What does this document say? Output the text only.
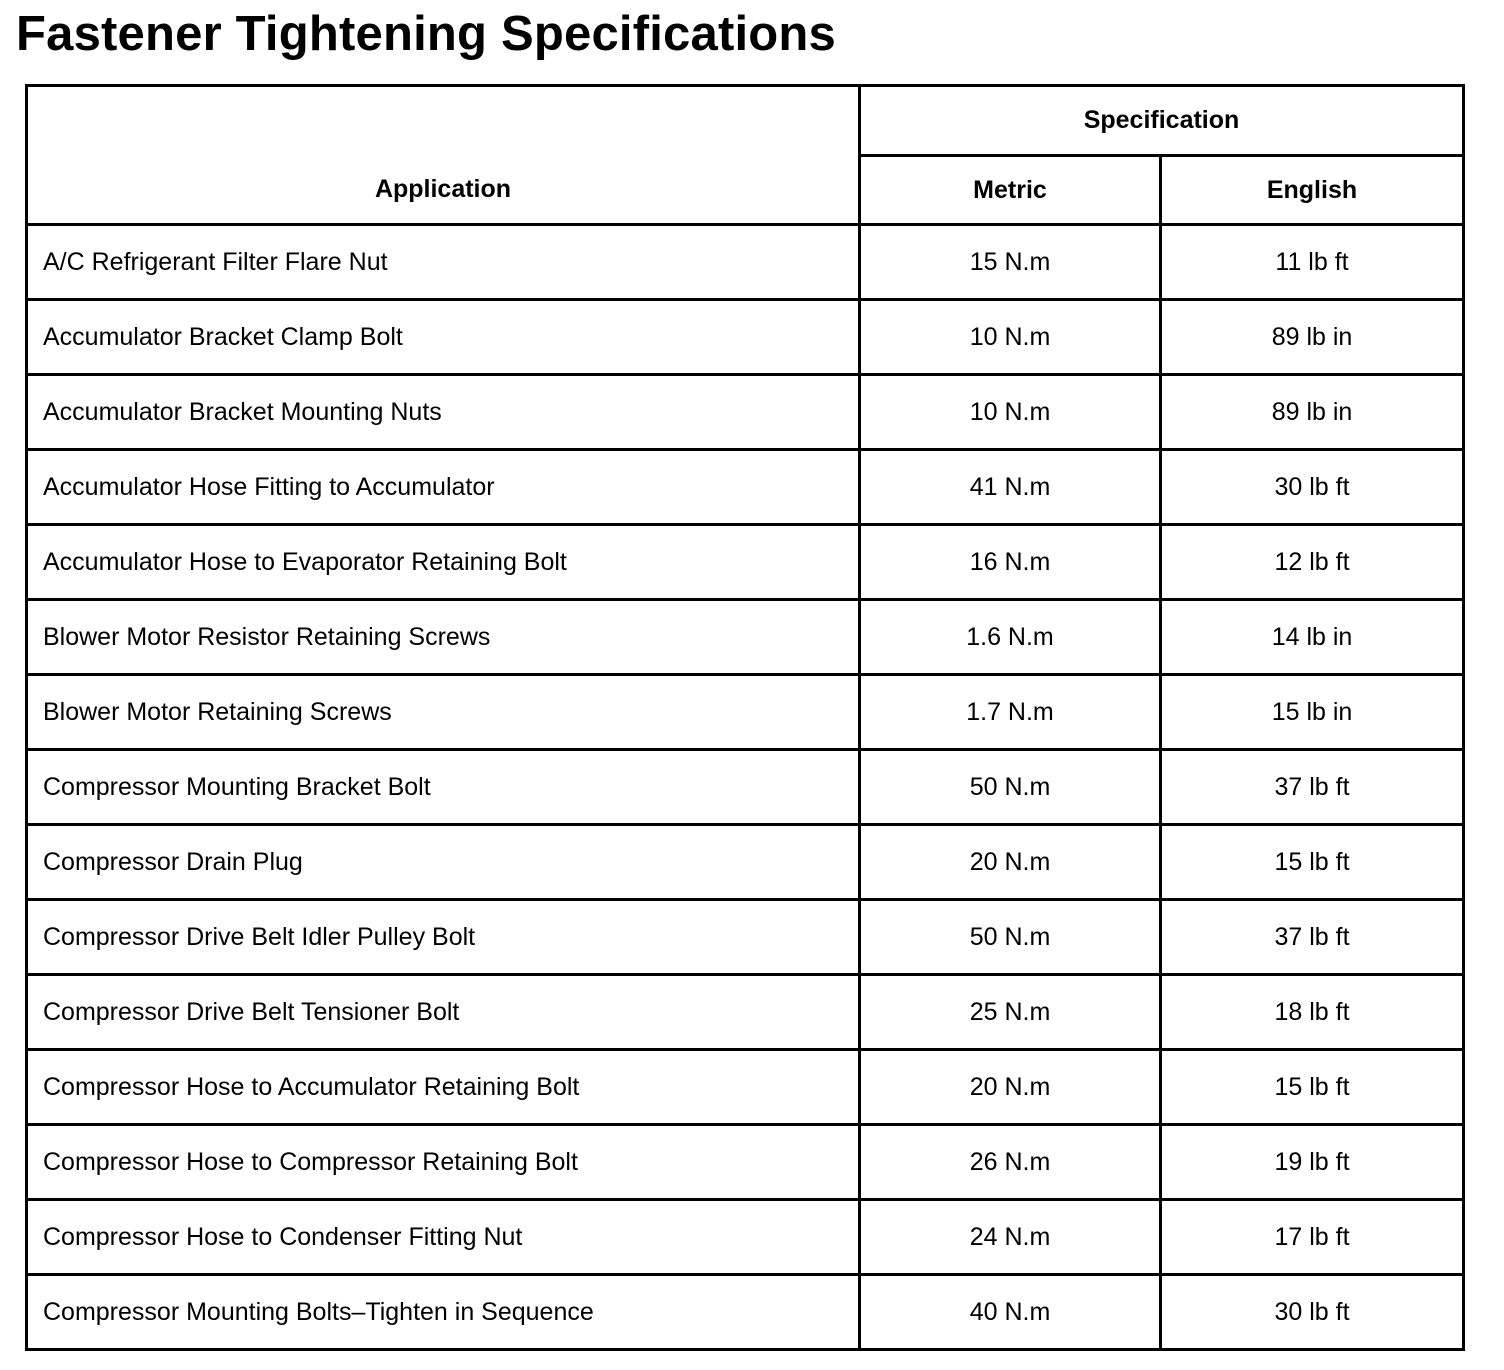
Fastener Tightening Specifications
Application	Specification	
	Metric	English
A/C Refrigerant Filter Flare Nut	15 N.m	11 lb ft
Accumulator Bracket Clamp Bolt	10 N.m	89 lb in
Accumulator Bracket Mounting Nuts	10 N.m	89 lb in
Accumulator Hose Fitting to Accumulator	41 N.m	30 lb ft
Accumulator Hose to Evaporator Retaining Bolt	16 N.m	12 lb ft
Blower Motor Resistor Retaining Screws	1.6 N.m	14 lb in
Blower Motor Retaining Screws	1.7 N.m	15 lb in
Compressor Mounting Bracket Bolt	50 N.m	37 lb ft
Compressor Drain Plug	20 N.m	15 lb ft
Compressor Drive Belt Idler Pulley Bolt	50 N.m	37 lb ft
Compressor Drive Belt Tensioner Bolt	25 N.m	18 lb ft
Compressor Hose to Accumulator Retaining Bolt	20 N.m	15 lb ft
Compressor Hose to Compressor Retaining Bolt	26 N.m	19 lb ft
Compressor Hose to Condenser Fitting Nut	24 N.m	17 lb ft
Compressor Mounting Bolts–Tighten in Sequence	40 N.m	30 lb ft
